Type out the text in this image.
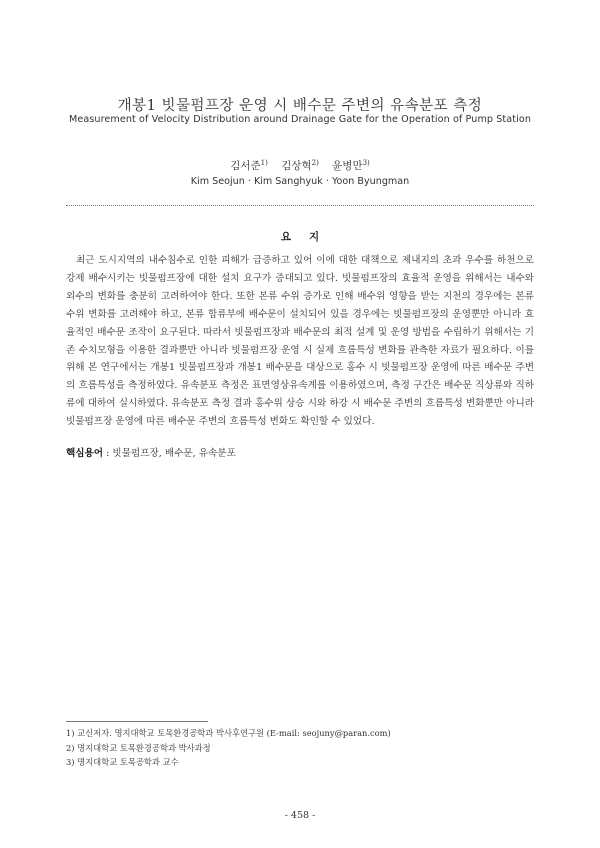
개봉1 빗물펌프장 운영 시 배수문 주변의 유속분포 측정
Measurement of Velocity Distribution around Drainage Gate for the Operation of Pump Station
김서준$^{1)}$ 김상혁$^{2)}$ 윤병만$^{3)}$
Kim Seojun · Kim Sanghyuk · Yoon Byungman
요지

최근 도시지역의 내수침수로 인한 피해가 급증하고 있어 이에 대한 대책으로 제내지의 초과 우수를 하천으로 강제 배수시키는 빗물펌프장에 대한 설치 요구가 증대되고 있다. 빗물펌프장의 효율적 운영을 위해서는 내수와 외수의 변화를 충분히 고려하여야 한다. 또한 본류 수위 증가로 인해 배수위 영향을 받는 지천의 경우에는 본류 수위 변화를 고려해야 하고, 본류 합류부에 배수문이 설치되어 있을 경우에는 빗물펌프장의 운영뿐만 아니라 효율적인 배수문 조작이 요구된다. 따라서 빗물펌프장과 배수문의 최적 설계 및 운영 방법을 수립하기 위해서는 기존 수치모형을 이용한 결과뿐만 아니라 빗물펌프장 운영 시 실제 흐름특성 변화를 관측한 자료가 필요하다. 이를 위해 본 연구에서는 개봉1 빗물펌프장과 개봉1 배수문을 대상으로 홍수 시 빗물펌프장 운영에 따른 배수문 주변의 흐름특성을 측정하였다. 유속분포 측정은 표면영상유속계를 이용하였으며, 측정 구간은 배수문 직상류와 직하류에 대하여 실시하였다. 유속분포 측정 결과 홍수위 상승 시와 하강 시 배수문 주변의 흐름특성 변화뿐만 아니라 빗물펌프장 운영에 따른 배수문 주변의 흐름특성 변화도 확인할 수 있었다.

핵심용어 : 빗물펌프장, 배수문, 유속분포
1) 교신저자. 명지대학교 토목환경공학과 박사후연구원 (E-mail: seojuny@paran.com)
2) 명지대학교 토목환경공학과 박사과정
3) 명지대학교 토목공학과 교수
- 458 -
